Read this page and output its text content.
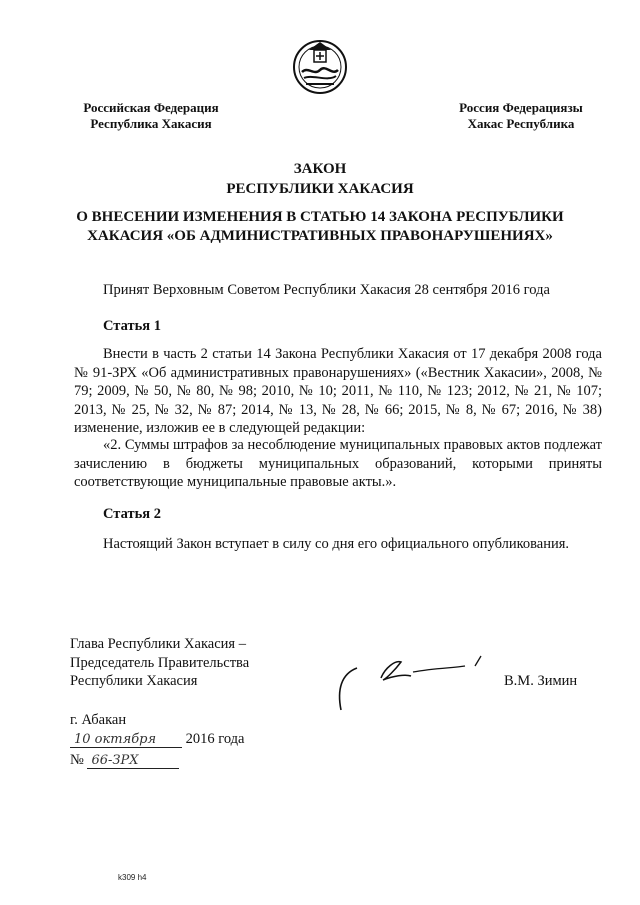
Российская Федерация
Республика Хакасия
Россия Федерациязы
Хакас Республика
ЗАКОН
РЕСПУБЛИКИ ХАКАСИЯ
О ВНЕСЕНИИ ИЗМЕНЕНИЯ В СТАТЬЮ 14 ЗАКОНА РЕСПУБЛИКИ ХАКАСИЯ «ОБ АДМИНИСТРАТИВНЫХ ПРАВОНАРУШЕНИЯХ»
Принят Верховным Советом Республики Хакасия 28 сентября 2016 года
Статья 1
Внести в часть 2 статьи 14 Закона Республики Хакасия от 17 декабря 2008 года № 91-ЗРХ «Об административных правонарушениях» («Вестник Хакасии», 2008, № 79; 2009, № 50, № 80, № 98; 2010, № 10; 2011, № 110, № 123; 2012, № 21, № 107; 2013, № 25, № 32, № 87; 2014, № 13, № 28, № 66; 2015, № 8, № 67; 2016, № 38) изменение, изложив ее в следующей редакции:
«2. Суммы штрафов за несоблюдение муниципальных правовых актов подлежат зачислению в бюджеты муниципальных образований, которыми приняты соответствующие муниципальные правовые акты.».
Статья 2
Настоящий Закон вступает в силу со дня его официального опубликования.
Глава Республики Хакасия –
Председатель Правительства
Республики Хакасия	В.М. Зимин
г. Абакан
10 октября 2016 года
№ 66-ЗРХ
k309 h4
